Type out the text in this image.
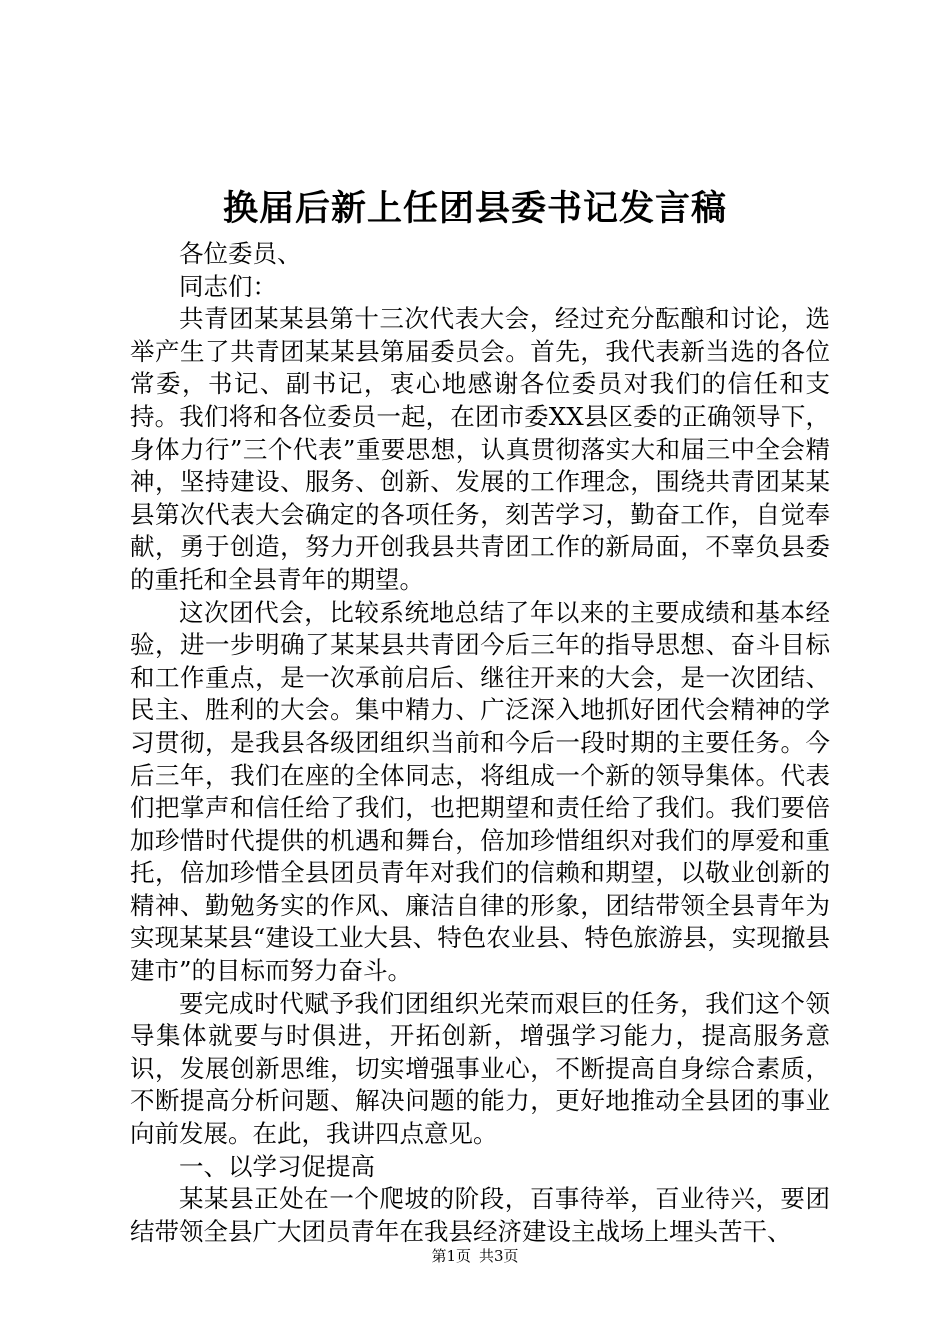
换届后新上任团县委书记发言稿

各位委员、

同志们：

共青团某某县第十三次代表大会，经过充分酝酿和讨论，选举产生了共青团某某县第届委员会。首先，我代表新当选的各位常委，书记、副书记，衷心地感谢各位委员对我们的信任和支持。我们将和各位委员一起，在团市委XX县区委的正确领导下，身体力行”三个代表”重要思想，认真贯彻落实大和届三中全会精神，坚持建设、服务、创新、发展的工作理念，围绕共青团某某县第次代表大会确定的各项任务，刻苦学习，勤奋工作，自觉奉献，勇于创造，努力开创我县共青团工作的新局面，不辜负县委的重托和全县青年的期望。

这次团代会，比较系统地总结了年以来的主要成绩和基本经验，进一步明确了某某县共青团今后三年的指导思想、奋斗目标和工作重点，是一次承前启后、继往开来的大会，是一次团结、民主、胜利的大会。集中精力、广泛深入地抓好团代会精神的学习贯彻，是我县各级团组织当前和今后一段时期的主要任务。今后三年，我们在座的全体同志，将组成一个新的领导集体。代表们把掌声和信任给了我们，也把期望和责任给了我们。我们要倍加珍惜时代提供的机遇和舞台，倍加珍惜组织对我们的厚爱和重托，倍加珍惜全县团员青年对我们的信赖和期望，以敬业创新的精神、勤勉务实的作风、廉洁自律的形象，团结带领全县青年为实现某某县“建设工业大县、特色农业县、特色旅游县，实现撤县建市”的目标而努力奋斗。

要完成时代赋予我们团组织光荣而艰巨的任务，我们这个领导集体就要与时俱进，开拓创新，增强学习能力，提高服务意识，发展创新思维，切实增强事业心，不断提高自身综合素质，不断提高分析问题、解决问题的能力，更好地推动全县团的事业向前发展。在此，我讲四点意见。

一、以学习促提高

某某县正处在一个爬坡的阶段，百事待举，百业待兴，要团结带领全县广大团员青年在我县经济建设主战场上埋头苦干、

第1页 共3页
